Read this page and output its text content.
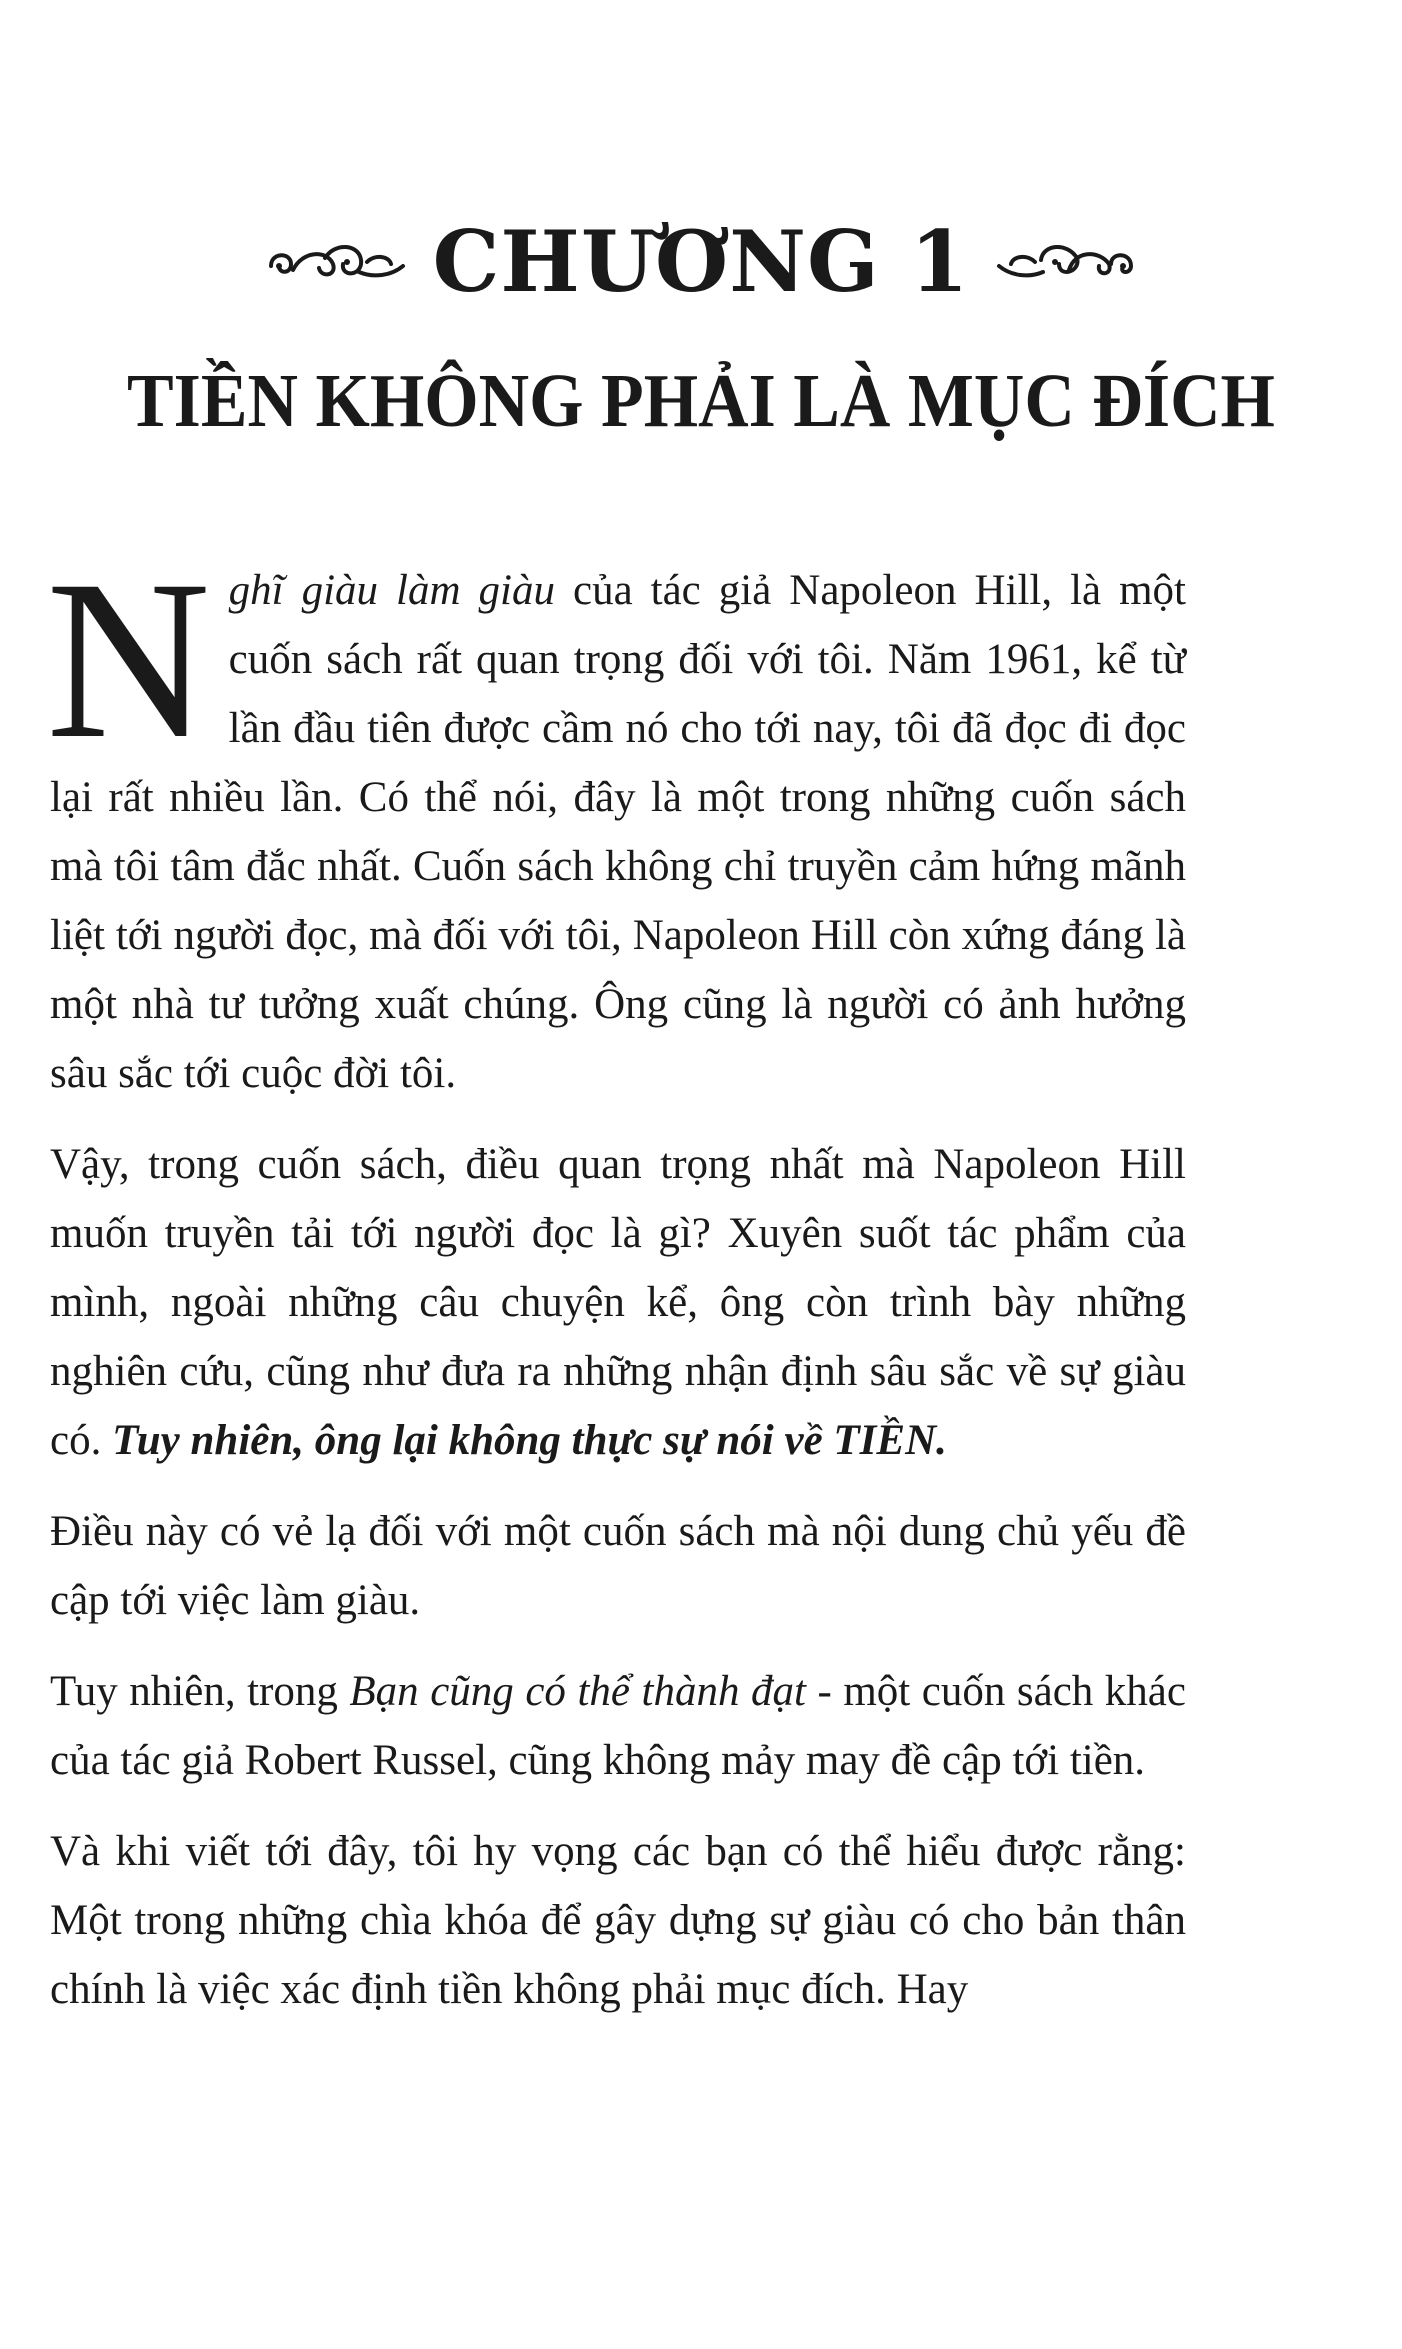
CHƯƠNG 1
TIỀN KHÔNG PHẢI LÀ MỤC ĐÍCH

Nghĩ giàu làm giàu của tác giả Napoleon Hill, là một cuốn sách rất quan trọng đối với tôi. Năm 1961, kể từ lần đầu tiên được cầm nó cho tới nay, tôi đã đọc đi đọc lại rất nhiều lần. Có thể nói, đây là một trong những cuốn sách mà tôi tâm đắc nhất. Cuốn sách không chỉ truyền cảm hứng mãnh liệt tới người đọc, mà đối với tôi, Napoleon Hill còn xứng đáng là một nhà tư tưởng xuất chúng. Ông cũng là người có ảnh hưởng sâu sắc tới cuộc đời tôi.

Vậy, trong cuốn sách, điều quan trọng nhất mà Napoleon Hill muốn truyền tải tới người đọc là gì? Xuyên suốt tác phẩm của mình, ngoài những câu chuyện kể, ông còn trình bày những nghiên cứu, cũng như đưa ra những nhận định sâu sắc về sự giàu có. Tuy nhiên, ông lại không thực sự nói về TIỀN.

Điều này có vẻ lạ đối với một cuốn sách mà nội dung chủ yếu đề cập tới việc làm giàu.

Tuy nhiên, trong Bạn cũng có thể thành đạt - một cuốn sách khác của tác giả Robert Russel, cũng không mảy may đề cập tới tiền.

Và khi viết tới đây, tôi hy vọng các bạn có thể hiểu được rằng: Một trong những chìa khóa để gây dựng sự giàu có cho bản thân chính là việc xác định tiền không phải mục đích. Hay
